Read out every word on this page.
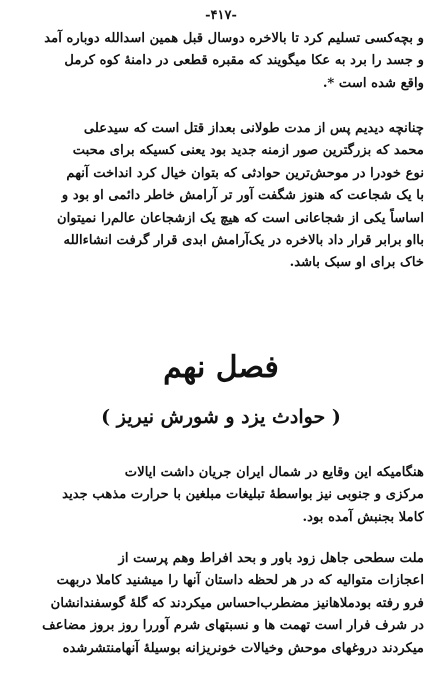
-۴۱۷-
و بچه‌کسی تسلیم کرد تا بالاخره دوسال قبل همین اسدالله دوباره آمد
و جسد را برد به عکا میگویند که مقبره قطعی در دامنهٔ کوه کرمل
واقع شده است *.
چنانچه دیدیم پس از مدت طولانی بعداز قتل است که سیدعلی
محمد که بزرگترین صور ازمنه جدید بود یعنی کسیکه برای محبت
نوع خودرا در موحش‌ترین حوادثی که بتوان خیال کرد انداخت آنهم
با یک شجاعت که هنوز شگفت آور تر آرامش خاطر دائمی او بود و
اساساً یکی از شجاعانی است که هیچ یک ازشجاعان عالم‌را نمیتوان
بااو برابر قرار داد بالاخره در یک‌آرامش ابدی قرار گرفت انشاءالله
خاک برای او سبک باشد.
فصل نهم
( حوادث یزد و شورش نیریز )
هنگامیکه این وقایع در شمال ایران جریان داشت ایالات
مرکزی و جنوبی نیز بواسطهٔ تبلیغات مبلغین با حرارت مذهب جدید
کاملا بجنبش آمده بود.
ملت سطحی جاهل زود باور و بحد افراط وهم پرست از
اعجازات متوالیه که در هر لحظه داستان آنها را میشنید کاملا دربهت
فرو رفته بودملاهانیز مضطرب‌احساس میکردند که گلهٔ گوسفندانشان
در شرف فرار است تهمت ها و نسبتهای شرم آوررا روز بروز مضاعف
میکردند دروغهای موحش وخیالات خونریزانه بوسیلهٔ آنهامنتشرشده
